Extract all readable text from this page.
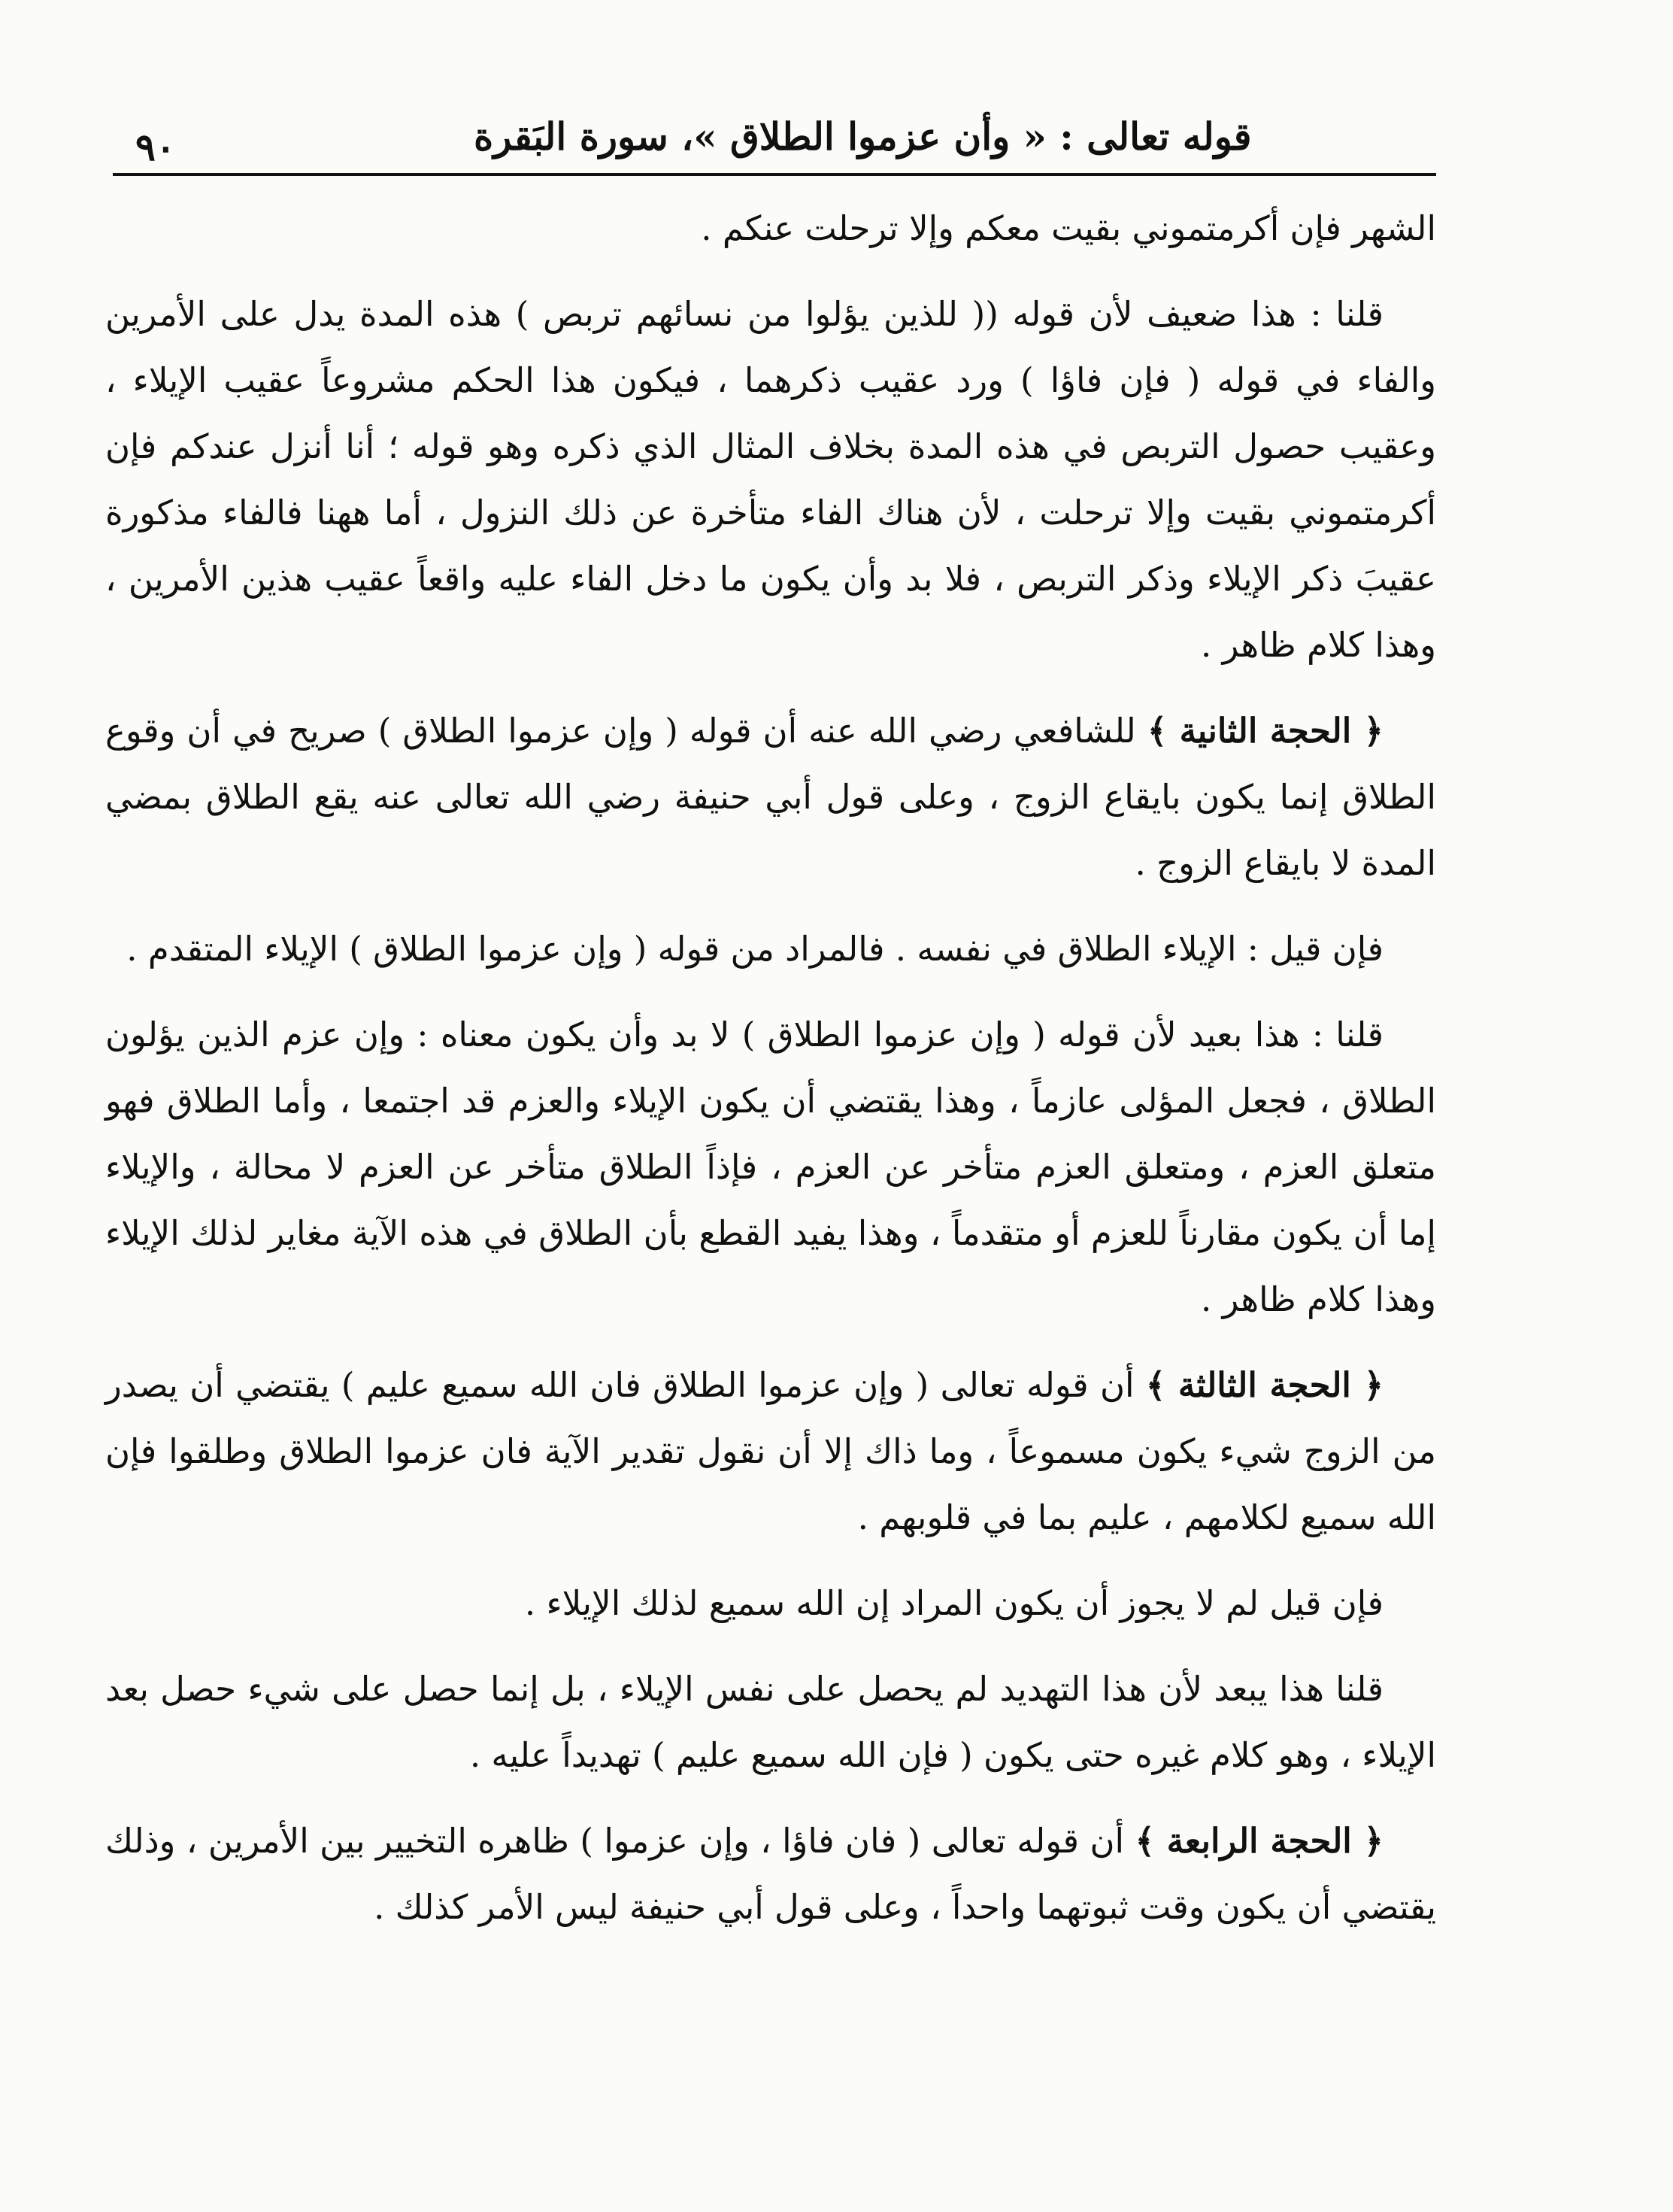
٩٠	قوله تعالى : « وأن عزموا الطلاق »، سورة البَقرة

الشهر فإن أكرمتموني بقيت معكم وإلا ترحلت عنكم .

قلنا : هذا ضعيف لأن قوله (( للذين يؤلوا من نسائهم تربص ) هذه المدة يدل على الأمرين والفاء في قوله ( فإن فاؤا ) ورد عقيب ذكرهما ، فيكون هذا الحكم مشروعاً عقيب الإيلاء ، وعقيب حصول التربص في هذه المدة بخلاف المثال الذي ذكره وهو قوله ؛ أنا أنزل عندكم فإن أكرمتموني بقيت وإلا ترحلت ، لأن هناك الفاء متأخرة عن ذلك النزول ، أما ههنا فالفاء مذكورة عقيبَ ذكر الإيلاء وذكر التربص ، فلا بد وأن يكون ما دخل الفاء عليه واقعاً عقيب هذين الأمرين ، وهذا كلام ظاهر .

﴿ الحجة الثانية ﴾ للشافعي رضي الله عنه أن قوله ( وإن عزموا الطلاق ) صريح في أن وقوع الطلاق إنما يكون بايقاع الزوج ، وعلى قول أبي حنيفة رضي الله تعالى عنه يقع الطلاق بمضي المدة لا بايقاع الزوج .

فإن قيل : الإيلاء الطلاق في نفسه . فالمراد من قوله ( وإن عزموا الطلاق ) الإيلاء المتقدم .

قلنا : هذا بعيد لأن قوله ( وإن عزموا الطلاق ) لا بد وأن يكون معناه : وإن عزم الذين يؤلون الطلاق ، فجعل المؤلى عازماً ، وهذا يقتضي أن يكون الإيلاء والعزم قد اجتمعا ، وأما الطلاق فهو متعلق العزم ، ومتعلق العزم متأخر عن العزم ، فإذاً الطلاق متأخر عن العزم لا محالة ، والإيلاء إما أن يكون مقارناً للعزم أو متقدماً ، وهذا يفيد القطع بأن الطلاق في هذه الآية مغاير لذلك الإيلاء وهذا كلام ظاهر .

﴿ الحجة الثالثة ﴾ أن قوله تعالى ( وإن عزموا الطلاق فان الله سميع عليم ) يقتضي أن يصدر من الزوج شيء يكون مسموعاً ، وما ذاك إلا أن نقول تقدير الآية فان عزموا الطلاق وطلقوا فإن الله سميع لكلامهم ، عليم بما في قلوبهم .

فإن قيل لم لا يجوز أن يكون المراد إن الله سميع لذلك الإيلاء .

قلنا هذا يبعد لأن هذا التهديد لم يحصل على نفس الإيلاء ، بل إنما حصل على شيء حصل بعد الإيلاء ، وهو كلام غيره حتى يكون ( فإن الله سميع عليم ) تهديداً عليه .

﴿ الحجة الرابعة ﴾ أن قوله تعالى ( فان فاؤا ، وإن عزموا ) ظاهره التخيير بين الأمرين ، وذلك يقتضي أن يكون وقت ثبوتهما واحداً ، وعلى قول أبي حنيفة ليس الأمر كذلك .
